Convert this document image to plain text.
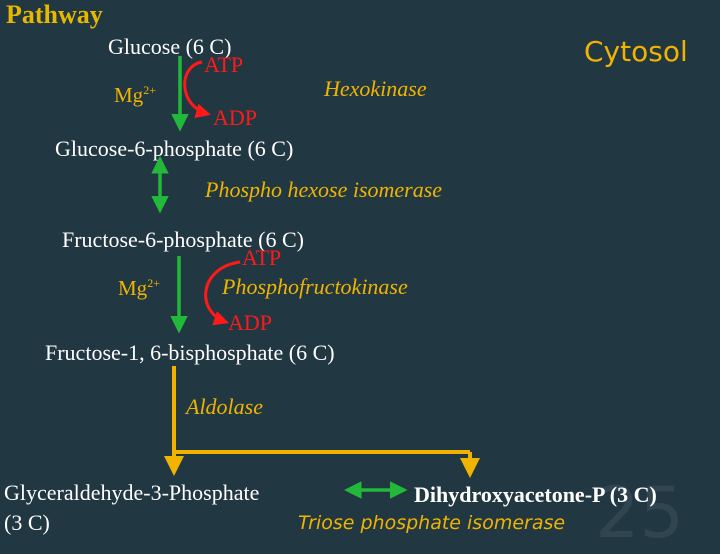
Pathway
Cytosol
Glucose (6 C)
ATP
$Mg^{2+}$	Hexokinase
ADP
Glucose-6-phosphate (6 C)
Phospho hexose isomerase
Fructose-6-phosphate (6 C)
ATP
$Mg^{2+}$	Phosphofructokinase
ADP
Fructose-1, 6-bisphosphate (6 C)
Aldolase
Glyceraldehyde-3-Phosphate
(3 C)
Dihydroxyacetone-P (3 C)
Triose phosphate isomerase 25
